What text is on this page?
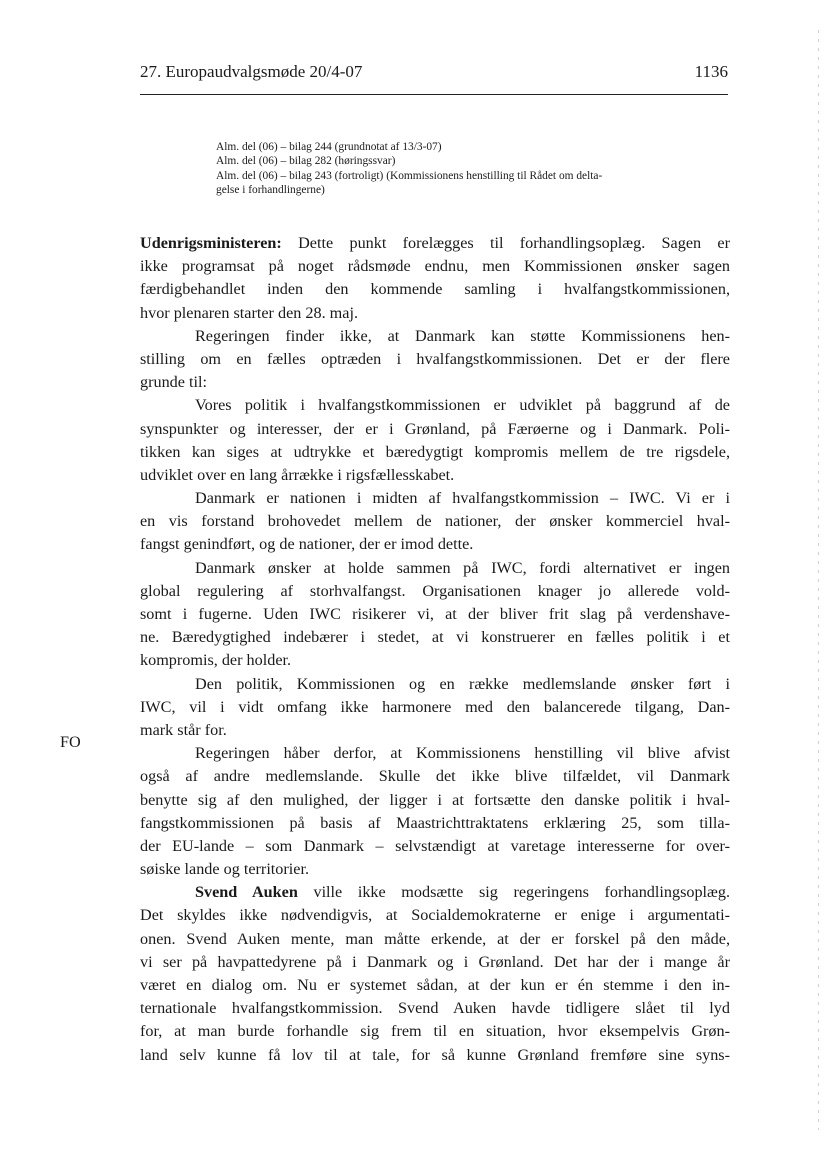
27. Europaudvalgsmøde 20/4-07	1136
Alm. del (06) – bilag 244 (grundnotat af 13/3-07)
Alm. del (06) – bilag 282 (høringssvar)
Alm. del (06) – bilag 243 (fortroligt) (Kommissionens henstilling til Rådet om delta-
gelse i forhandlingerne)
FO
Udenrigsministeren: Dette punkt forelægges til forhandlingsoplæg. Sagen er
ikke programsat på noget rådsmøde endnu, men Kommissionen ønsker sagen
færdigbehandlet inden den kommende samling i hvalfangstkommissionen,
hvor plenaren starter den 28. maj.
Regeringen finder ikke, at Danmark kan støtte Kommissionens hen-
stilling om en fælles optræden i hvalfangstkommissionen. Det er der flere
grunde til:
Vores politik i hvalfangstkommissionen er udviklet på baggrund af de
synspunkter og interesser, der er i Grønland, på Færøerne og i Danmark. Poli-
tikken kan siges at udtrykke et bæredygtigt kompromis mellem de tre rigsdele,
udviklet over en lang årrække i rigsfællesskabet.
Danmark er nationen i midten af hvalfangstkommission – IWC. Vi er i
en vis forstand brohovedet mellem de nationer, der ønsker kommerciel hval-
fangst genindført, og de nationer, der er imod dette.
Danmark ønsker at holde sammen på IWC, fordi alternativet er ingen
global regulering af storhvalfangst. Organisationen knager jo allerede vold-
somt i fugerne. Uden IWC risikerer vi, at der bliver frit slag på verdenshave-
ne. Bæredygtighed indebærer i stedet, at vi konstruerer en fælles politik i et
kompromis, der holder.
Den politik, Kommissionen og en række medlemslande ønsker ført i
IWC, vil i vidt omfang ikke harmonere med den balancerede tilgang, Dan-
mark står for.
Regeringen håber derfor, at Kommissionens henstilling vil blive afvist
også af andre medlemslande. Skulle det ikke blive tilfældet, vil Danmark
benytte sig af den mulighed, der ligger i at fortsætte den danske politik i hval-
fangstkommissionen på basis af Maastrichttraktatens erklæring 25, som tilla-
der EU-lande – som Danmark – selvstændigt at varetage interesserne for over-
søiske lande og territorier.
Svend Auken ville ikke modsætte sig regeringens forhandlingsoplæg.
Det skyldes ikke nødvendigvis, at Socialdemokraterne er enige i argumentati-
onen. Svend Auken mente, man måtte erkende, at der er forskel på den måde,
vi ser på havpattedyrene på i Danmark og i Grønland. Det har der i mange år
været en dialog om. Nu er systemet sådan, at der kun er én stemme i den in-
ternationale hvalfangstkommission. Svend Auken havde tidligere slået til lyd
for, at man burde forhandle sig frem til en situation, hvor eksempelvis Grøn-
land selv kunne få lov til at tale, for så kunne Grønland fremføre sine syns-
